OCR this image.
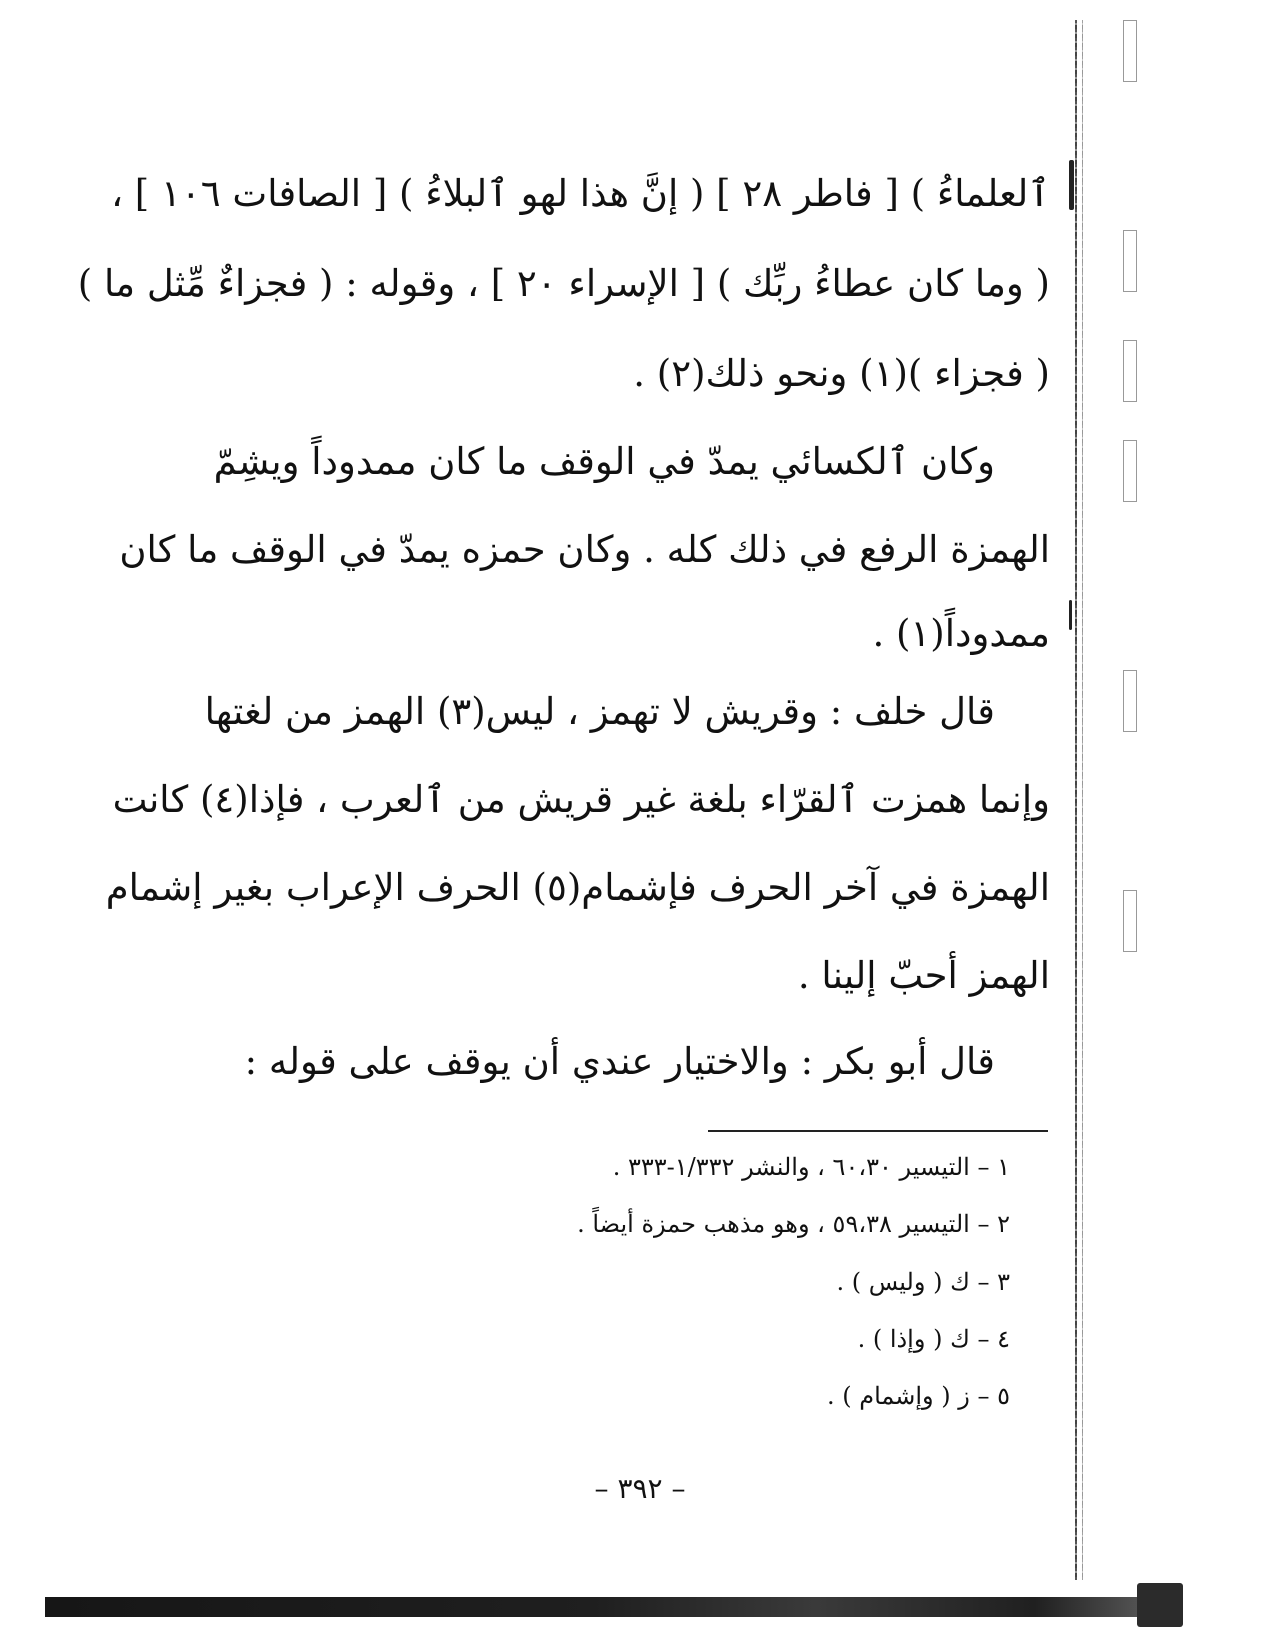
ٱلعلماءُ ) [ فاطر ٢٨ ] ( إنَّ هذا لهو ٱلبلاءُ ) [ الصافات ١٠٦ ] ،
( وما كان عطاءُ ربِّك ) [ الإسراء ٢٠ ] ، وقوله : ( فجزاءٌ مِّثل ما )
( فجزاء )(١) ونحو ذلك(٢) .
وكان ٱلكسائي يمدّ في الوقف ما كان ممدوداً ويشِمّ
الهمزة الرفع في ذلك كله . وكان حمزه يمدّ في الوقف ما كان
ممدوداً(١) .
قال خلف : وقريش لا تهمز ، ليس(٣) الهمز من لغتها
وإنما همزت ٱلقرّاء بلغة غير قريش من ٱلعرب ، فإذا(٤) كانت
الهمزة في آخر الحرف فإشمام(٥) الحرف الإعراب بغير إشمام
الهمز أحبّ إلينا .
قال أبو بكر : والاختيار عندي أن يوقف على قوله :
١ – التيسير ٦٠،٣٠ ، والنشر ١/٣٣٢-٣٣٣ .
٢ – التيسير ٥٩،٣٨ ، وهو مذهب حمزة أيضاً .
٣ – ك ( وليس ) .
٤ – ك ( وإذا ) .
٥ – ز ( وإشمام ) .
– ٣٩٢ –
